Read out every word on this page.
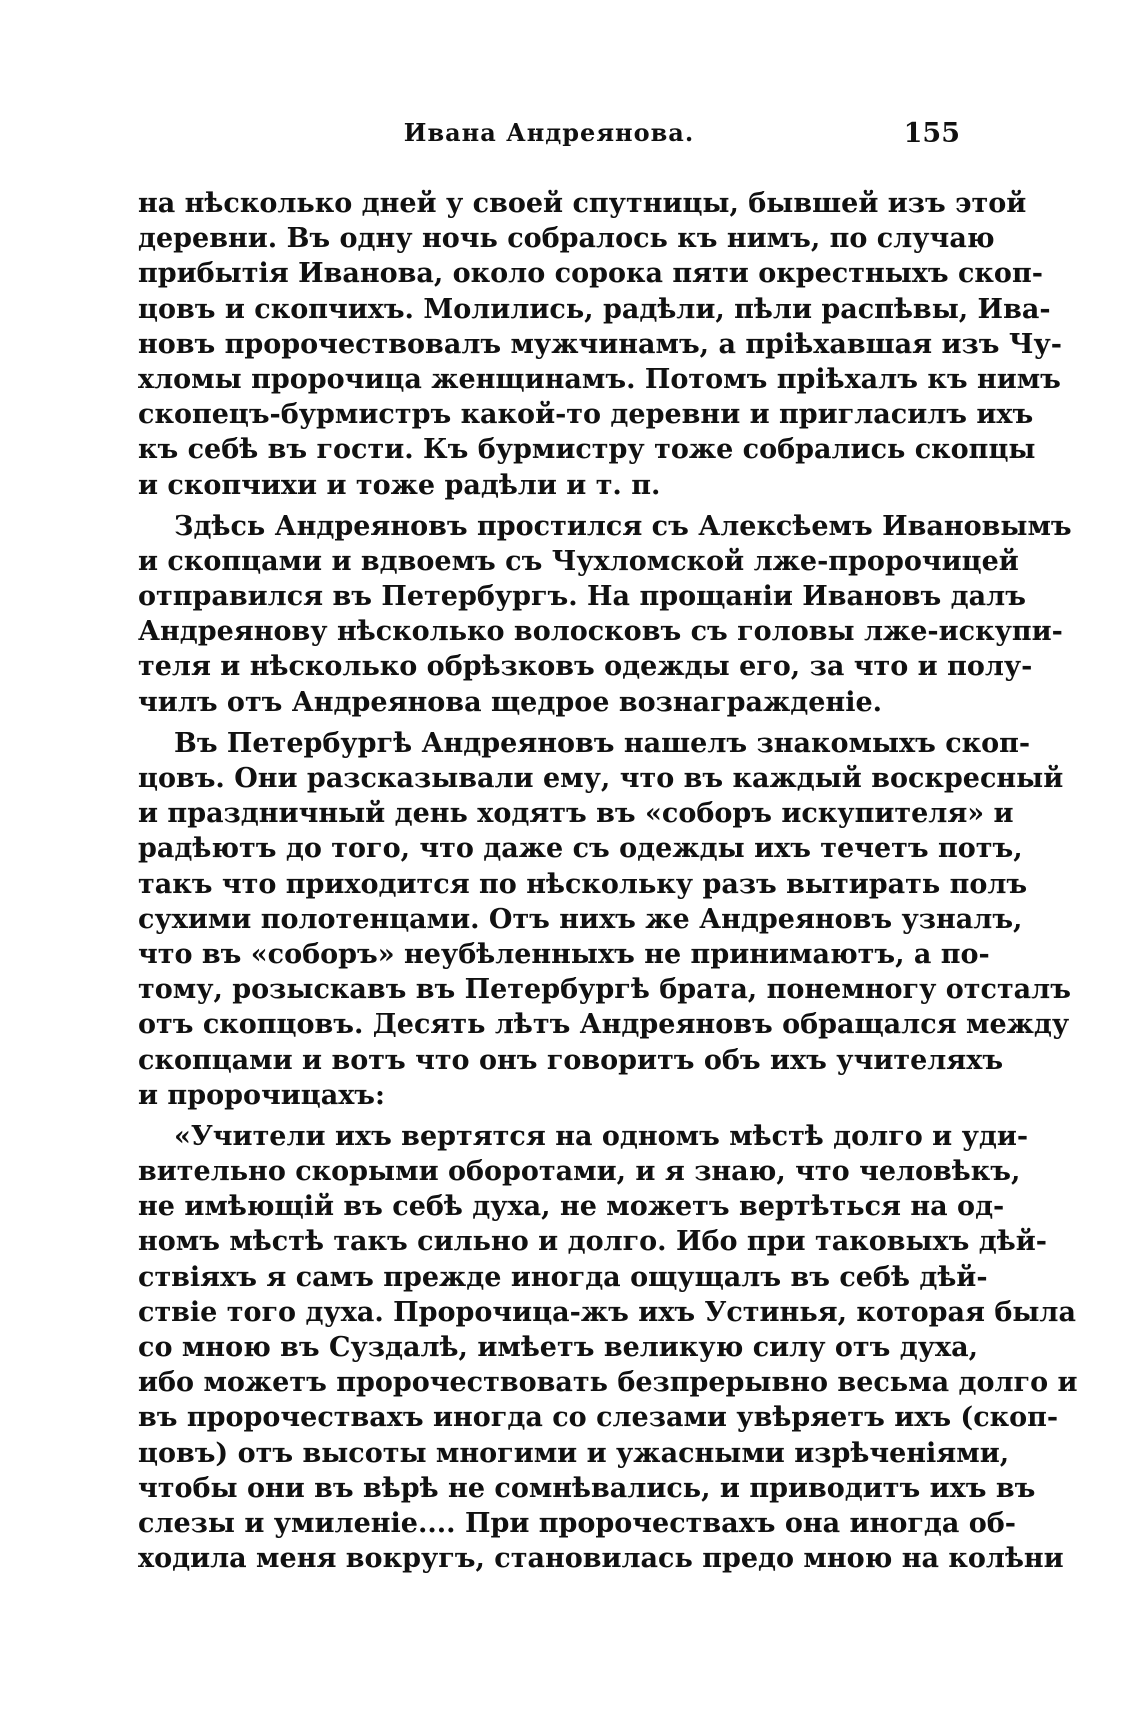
Ивана Андреянова.	155
на нѣсколько дней у своей спутницы, бывшей изъ этой
деревни. Въ одну ночь собралось къ нимъ, по случаю
прибытія Иванова, около сорока пяти окрестныхъ скоп-
цовъ и скопчихъ. Молились, радѣли, пѣли распѣвы, Ива-
новъ пророчествовалъ мужчинамъ, а пріѣхавшая изъ Чу-
хломы пророчица женщинамъ. Потомъ пріѣхалъ къ нимъ
скопецъ-бурмистръ какой-то деревни и пригласилъ ихъ
къ себѣ въ гости. Къ бурмистру тоже собрались скопцы
и скопчихи и тоже радѣли и т. п.
Здѣсь Андреяновъ простился съ Алексѣемъ Ивановымъ
и скопцами и вдвоемъ съ Чухломской лже-пророчицей
отправился въ Петербургъ. На прощаніи Ивановъ далъ
Андреянову нѣсколько волосковъ съ головы лже-искупи-
теля и нѣсколько обрѣзковъ одежды его, за что и полу-
чилъ отъ Андреянова щедрое вознагражденіе.
Въ Петербургѣ Андреяновъ нашелъ знакомыхъ скоп-
цовъ. Они разсказывали ему, что въ каждый воскресный
и праздничный день ходятъ въ «соборъ искупителя» и
радѣютъ до того, что даже съ одежды ихъ течетъ потъ,
такъ что приходится по нѣскольку разъ вытирать полъ
сухими полотенцами. Отъ нихъ же Андреяновъ узналъ,
что въ «соборъ» неубѣленныхъ не принимаютъ, а по-
тому, розыскавъ въ Петербургѣ брата, понемногу отсталъ
отъ скопцовъ. Десять лѣтъ Андреяновъ обращался между
скопцами и вотъ что онъ говоритъ объ ихъ учителяхъ
и пророчицахъ:
«Учители ихъ вертятся на одномъ мѣстѣ долго и уди-
вительно скорыми оборотами, и я знаю, что человѣкъ,
не имѣющій въ себѣ духа, не можетъ вертѣться на од-
номъ мѣстѣ такъ сильно и долго. Ибо при таковыхъ дѣй-
ствіяхъ я самъ прежде иногда ощущалъ въ себѣ дѣй-
ствіе того духа. Пророчица-жъ ихъ Устинья, которая была
со мною въ Суздалѣ, имѣетъ великую силу отъ духа,
ибо можетъ пророчествовать безпрерывно весьма долго и
въ пророчествахъ иногда со слезами увѣряетъ ихъ (скоп-
цовъ) отъ высоты многими и ужасными изрѣченіями,
чтобы они въ вѣрѣ не сомнѣвались, и приводитъ ихъ въ
слезы и умиленіе.... При пророчествахъ она иногда об-
ходила меня вокругъ, становилась предо мною на колѣни
